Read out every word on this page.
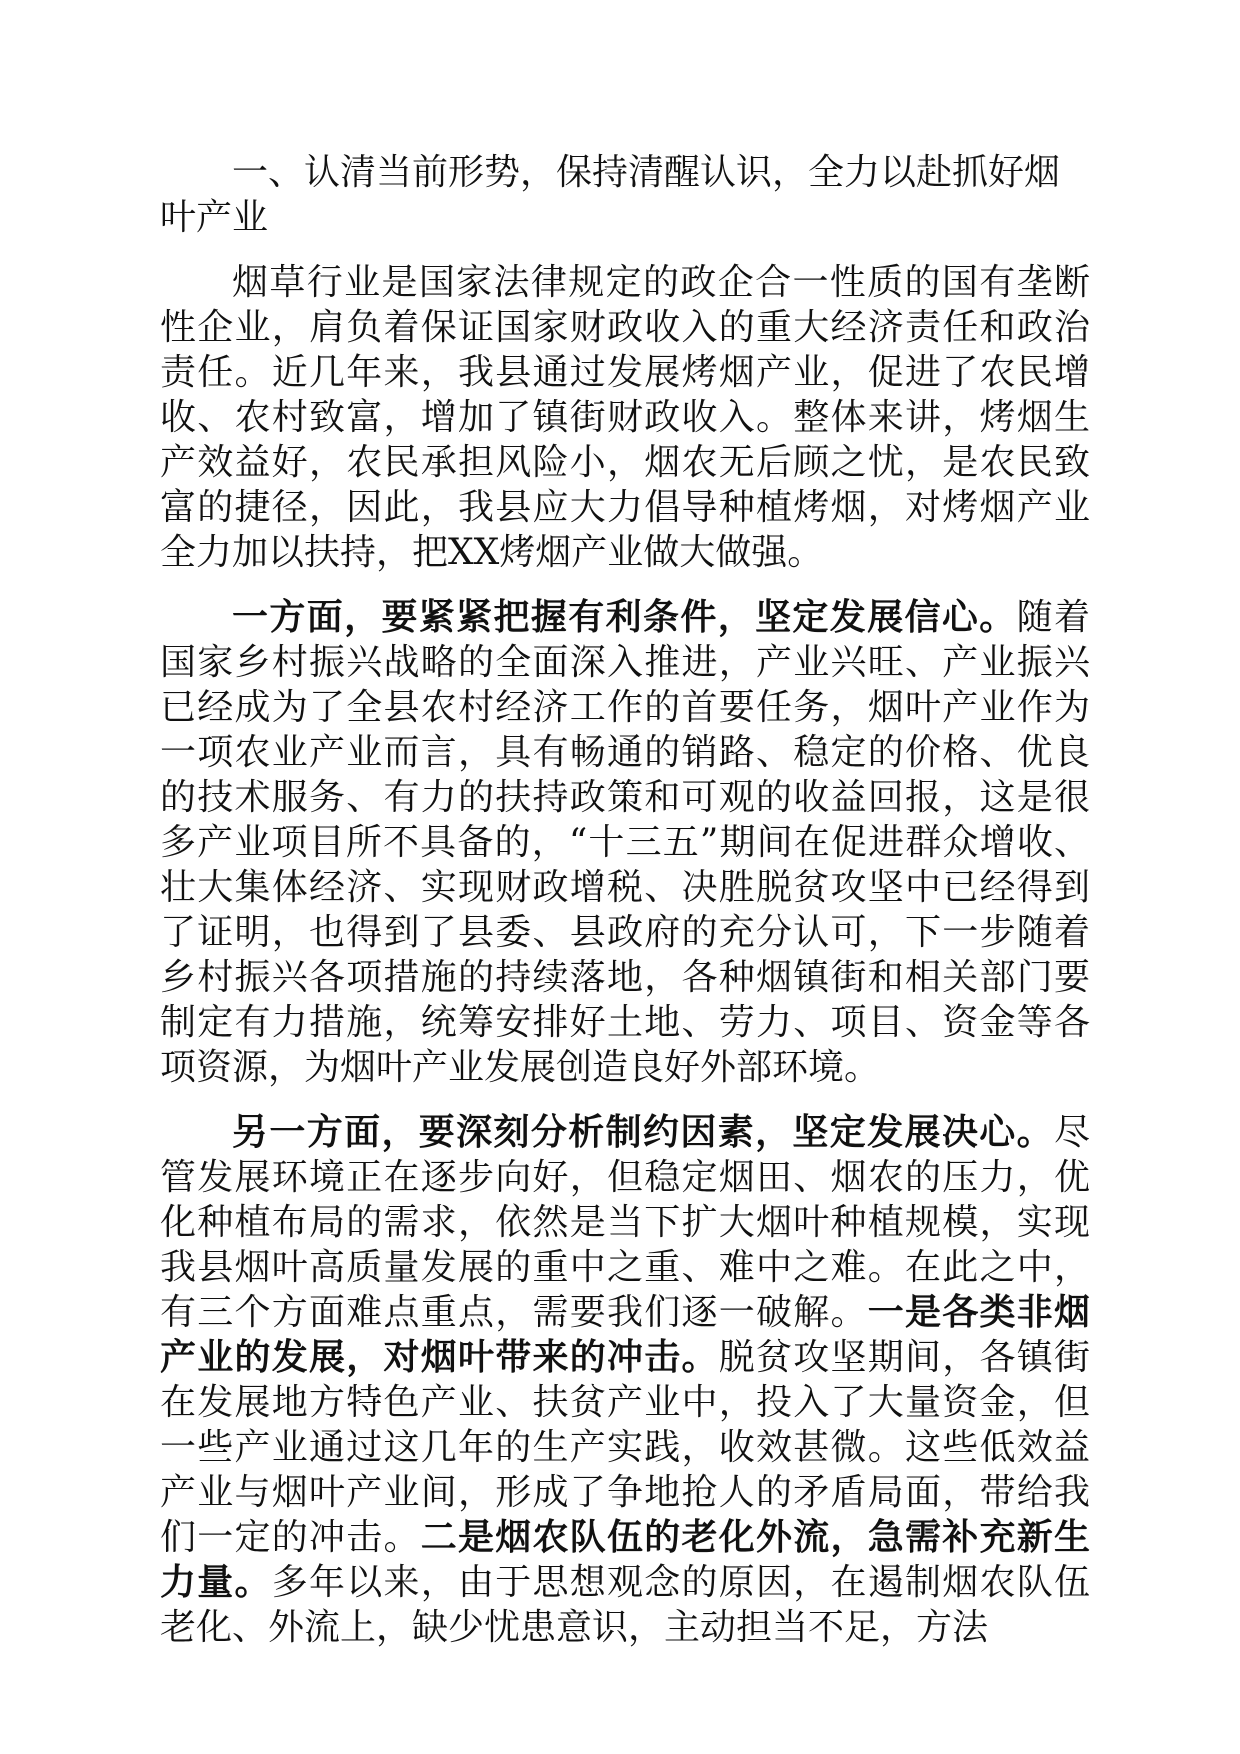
一、认清当前形势，保持清醒认识，全力以赴抓好烟叶产业

烟草行业是国家法律规定的政企合一性质的国有垄断性企业，肩负着保证国家财政收入的重大经济责任和政治责任。近几年来，我县通过发展烤烟产业，促进了农民增收、农村致富，增加了镇街财政收入。整体来讲，烤烟生产效益好，农民承担风险小，烟农无后顾之忧，是农民致富的捷径，因此，我县应大力倡导种植烤烟，对烤烟产业全力加以扶持，把XX烤烟产业做大做强。

一方面，要紧紧把握有利条件，坚定发展信心。随着国家乡村振兴战略的全面深入推进，产业兴旺、产业振兴已经成为了全县农村经济工作的首要任务，烟叶产业作为一项农业产业而言，具有畅通的销路、稳定的价格、优良的技术服务、有力的扶持政策和可观的收益回报，这是很多产业项目所不具备的，“十三五”期间在促进群众增收、壮大集体经济、实现财政增税、决胜脱贫攻坚中已经得到了证明，也得到了县委、县政府的充分认可，下一步随着乡村振兴各项措施的持续落地，各种烟镇街和相关部门要制定有力措施，统筹安排好土地、劳力、项目、资金等各项资源，为烟叶产业发展创造良好外部环境。

另一方面，要深刻分析制约因素，坚定发展决心。尽管发展环境正在逐步向好，但稳定烟田、烟农的压力，优化种植布局的需求，依然是当下扩大烟叶种植规模，实现我县烟叶高质量发展的重中之重、难中之难。在此之中，有三个方面难点重点，需要我们逐一破解。一是各类非烟产业的发展，对烟叶带来的冲击。脱贫攻坚期间，各镇街在发展地方特色产业、扶贫产业中，投入了大量资金，但一些产业通过这几年的生产实践，收效甚微。这些低效益产业与烟叶产业间，形成了争地抢人的矛盾局面，带给我们一定的冲击。二是烟农队伍的老化外流，急需补充新生力量。多年以来，由于思想观念的原因，在遏制烟农队伍老化、外流上，缺少忧患意识，主动担当不足，方法
